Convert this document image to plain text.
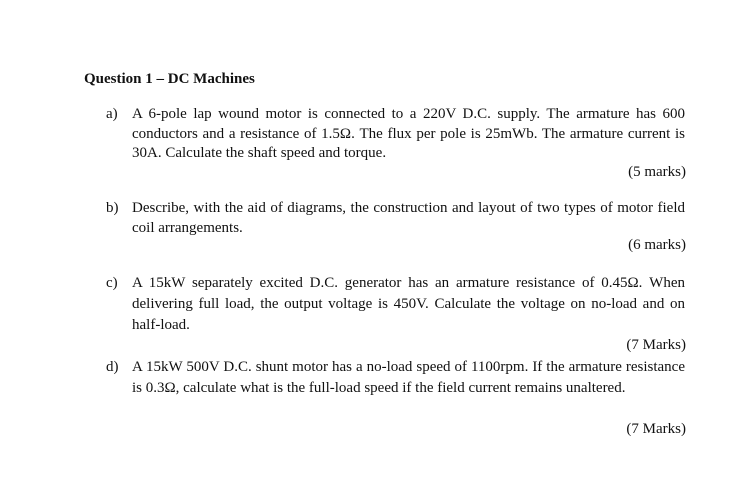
Question 1 – DC Machines
a) A 6-pole lap wound motor is connected to a 220V D.C. supply. The armature has 600 conductors and a resistance of 1.5Ω. The flux per pole is 25mWb. The armature current is 30A. Calculate the shaft speed and torque.
(5 marks)
b) Describe, with the aid of diagrams, the construction and layout of two types of motor field coil arrangements.
(6 marks)
c) A 15kW separately excited D.C. generator has an armature resistance of 0.45Ω. When delivering full load, the output voltage is 450V. Calculate the voltage on no-load and on half-load.
(7 Marks)
d) A 15kW 500V D.C. shunt motor has a no-load speed of 1100rpm. If the armature resistance is 0.3Ω, calculate what is the full-load speed if the field current remains unaltered.
(7 Marks)
